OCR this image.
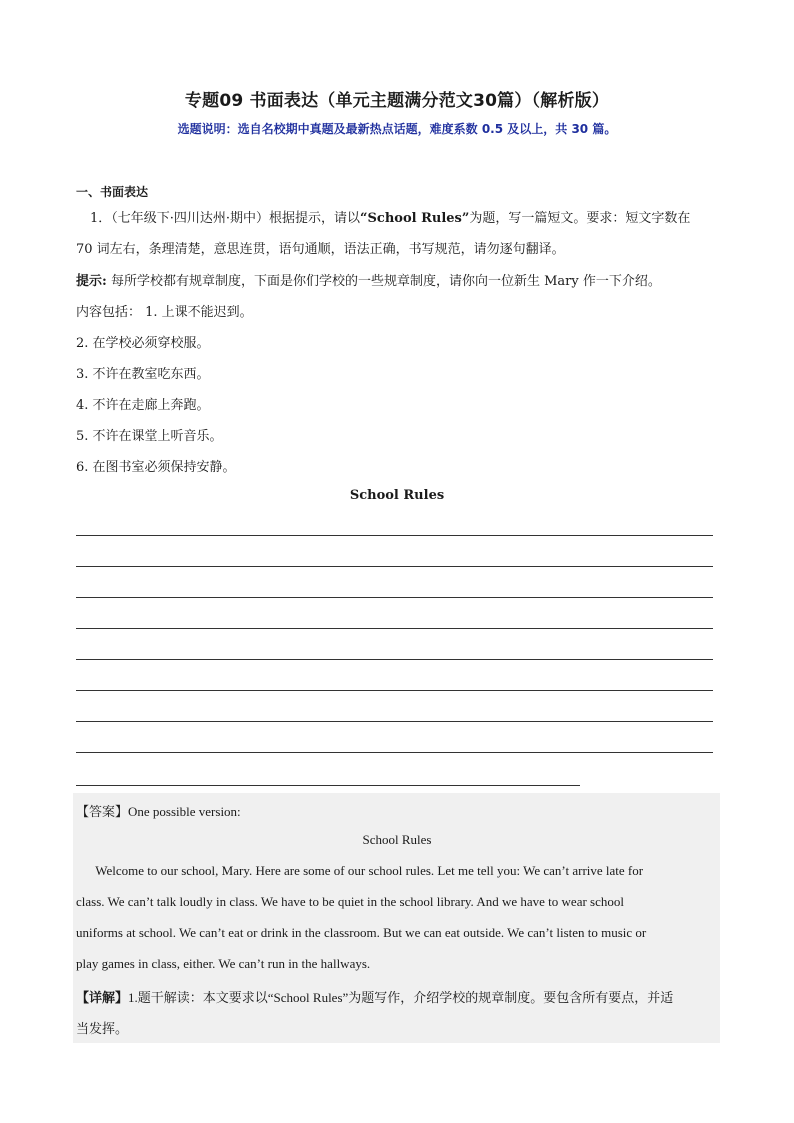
专题09 书面表达（单元主题满分范文30篇）（解析版）
选题说明：选自名校期中真题及最新热点话题，难度系数 0.5 及以上，共 30 篇。
一、书面表达
1．（七年级下·四川达州·期中）根据提示，请以“School Rules”为题，写一篇短文。要求：短文字数在
70 词左右，条理清楚，意思连贯，语句通顺，语法正确，书写规范，请勿逐句翻译。
提示: 每所学校都有规章制度，下面是你们学校的一些规章制度，请你向一位新生 Mary 作一下介绍。
内容包括： 1. 上课不能迟到。
2. 在学校必须穿校服。
3. 不许在教室吃东西。
4. 不许在走廊上奔跑。
5. 不许在课堂上听音乐。
6. 在图书室必须保持安静。
School Rules
【答案】One possible version:
School Rules
Welcome to our school, Mary. Here are some of our school rules. Let me tell you: We can’t arrive late for
class. We can’t talk loudly in class. We have to be quiet in the school library. And we have to wear school
uniforms at school. We can’t eat or drink in the classroom. But we can eat outside. We can’t listen to music or
play games in class, either. We can’t run in the hallways.
【详解】1.题干解读：本文要求以“School Rules”为题写作，介绍学校的规章制度。要包含所有要点，并适
当发挥。
